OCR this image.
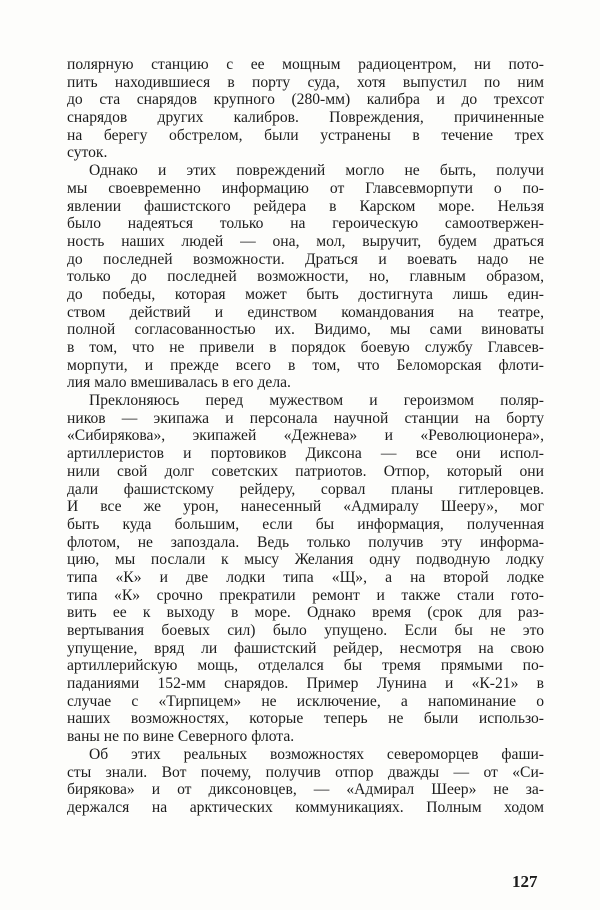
полярную станцию с ее мощным радиоцентром, ни пото-
пить находившиеся в порту суда, хотя выпустил по ним
до ста снарядов крупного (280-мм) калибра и до трехсот
снарядов других калибров. Повреждения, причиненные
на берегу обстрелом, были устранены в течение трех
суток.
Однако и этих повреждений могло не быть, получи
мы своевременно информацию от Главсевморпути о по-
явлении фашистского рейдера в Карском море. Нельзя
было надеяться только на героическую самоотвержен-
ность наших людей — она, мол, выручит, будем драться
до последней возможности. Драться и воевать надо не
только до последней возможности, но, главным образом,
до победы, которая может быть достигнута лишь един-
ством действий и единством командования на театре,
полной согласованностью их. Видимо, мы сами виноваты
в том, что не привели в порядок боевую службу Главсев-
морпути, и прежде всего в том, что Беломорская флоти-
лия мало вмешивалась в его дела.
Преклоняюсь перед мужеством и героизмом поляр-
ников — экипажа и персонала научной станции на борту
«Сибирякова», экипажей «Дежнева» и «Революционера»,
артиллеристов и портовиков Диксона — все они испол-
нили свой долг советских патриотов. Отпор, который они
дали фашистскому рейдеру, сорвал планы гитлеровцев.
И все же урон, нанесенный «Адмиралу Шееру», мог
быть куда большим, если бы информация, полученная
флотом, не запоздала. Ведь только получив эту информа-
цию, мы послали к мысу Желания одну подводную лодку
типа «К» и две лодки типа «Щ», а на второй лодке
типа «К» срочно прекратили ремонт и также стали гото-
вить ее к выходу в море. Однако время (срок для раз-
вертывания боевых сил) было упущено. Если бы не это
упущение, вряд ли фашистский рейдер, несмотря на свою
артиллерийскую мощь, отделался бы тремя прямыми по-
паданиями 152-мм снарядов. Пример Лунина и «К-21» в
случае с «Тирпицем» не исключение, а напоминание о
наших возможностях, которые теперь не были использо-
ваны не по вине Северного флота.
Об этих реальных возможностях североморцев фаши-
сты знали. Вот почему, получив отпор дважды — от «Си-
бирякова» и от диксоновцев, — «Адмирал Шеер» не за-
держался на арктических коммуникациях. Полным ходом
127
